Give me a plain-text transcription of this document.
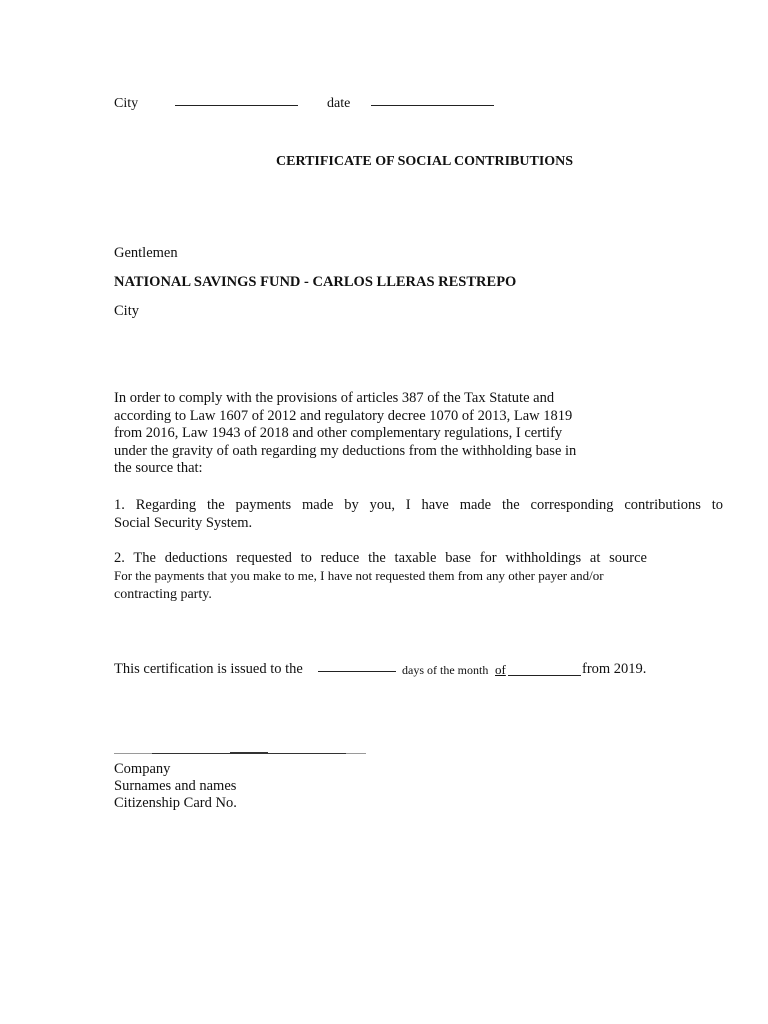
City	date
CERTIFICATE OF SOCIAL CONTRIBUTIONS
Gentlemen
NATIONAL SAVINGS FUND - CARLOS LLERAS RESTREPO
City
In order to comply with the provisions of articles 387 of the Tax Statute and
according to Law 1607 of 2012 and regulatory decree 1070 of 2013, Law 1819
from 2016, Law 1943 of 2018 and other complementary regulations, I certify
under the gravity of oath regarding my deductions from the withholding base in
the source that:
1. Regarding the payments made by you, I have made the corresponding contributions to
Social Security System.
2. The deductions requested to reduce the taxable base for withholdings at source
For the payments that you make to me, I have not requested them from any other payer and/or
contracting party.
This certification is issued to the	days of the month of	from 2019.
Company
Surnames and names
Citizenship Card No.
